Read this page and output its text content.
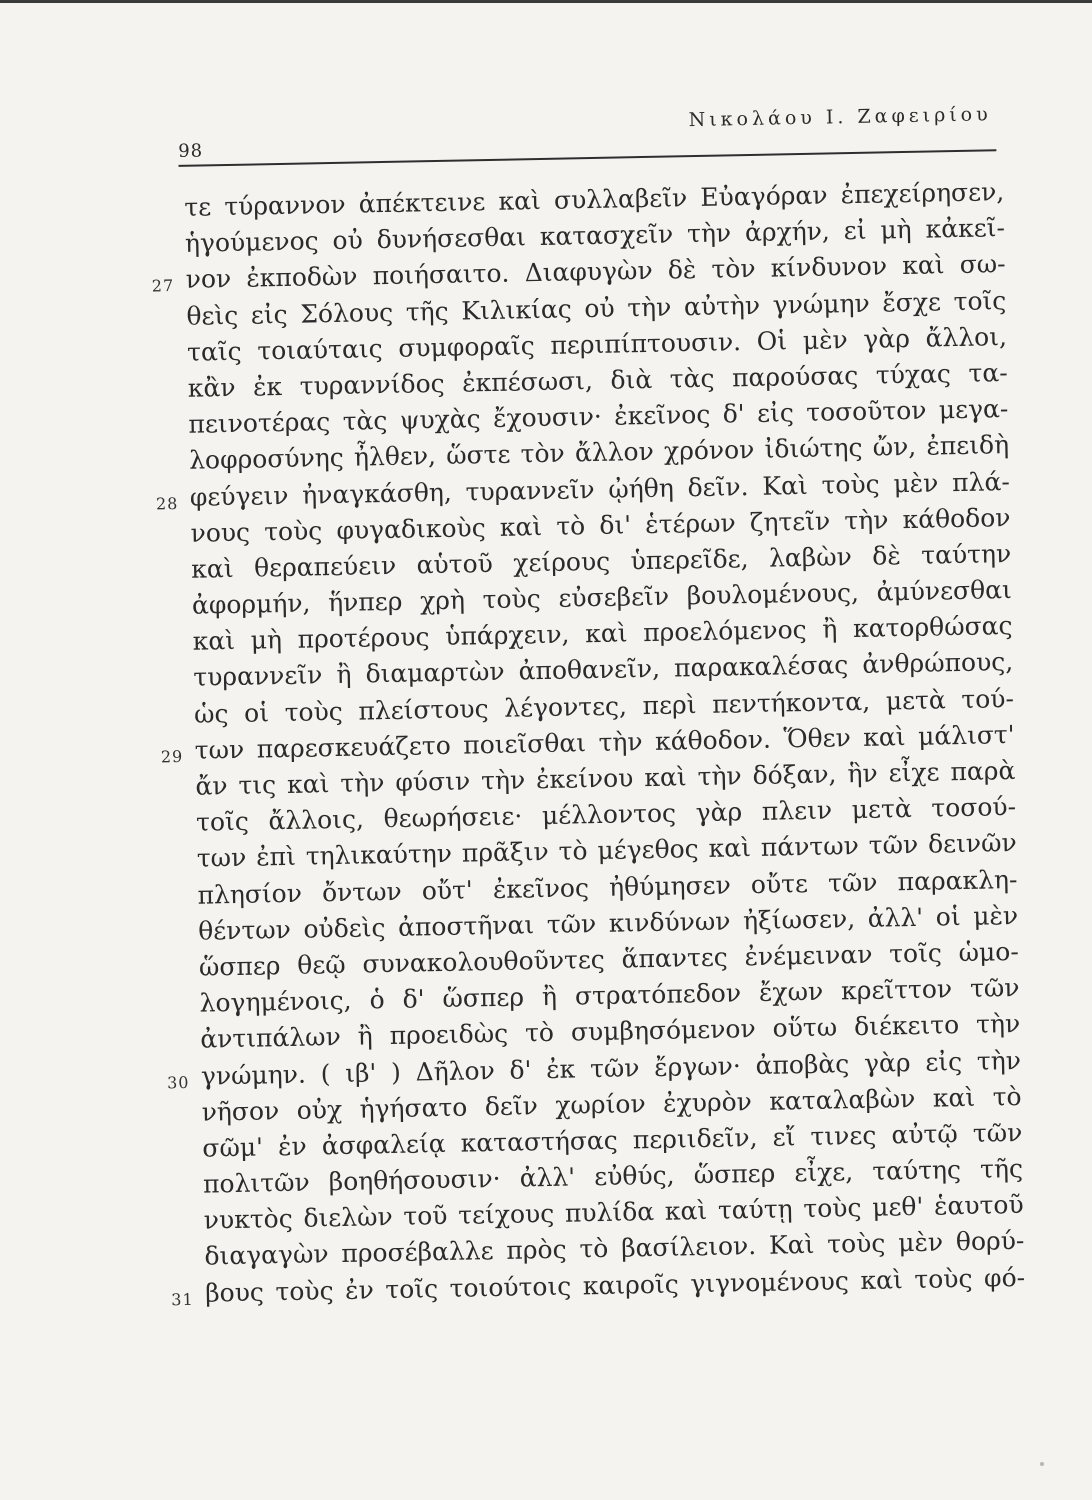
98
Νικολάου Ι. Ζαφειρίου
τε τύραννον ἀπέκτεινε καὶ συλλαβεῖν Εὐαγόραν ἐπεχείρησεν,
ἡγούμενος οὐ δυνήσεσθαι κατασχεῖν τὴν ἀρχήν, εἰ μὴ κἀκεῖ-
27 νον ἐκποδὼν ποιήσαιτο. Διαφυγὼν δὲ τὸν κίνδυνον καὶ σω-
θεὶς εἰς Σόλους τῆς Κιλικίας οὐ τὴν αὐτὴν γνώμην ἔσχε τοῖς
ταῖς τοιαύταις συμφοραῖς περιπίπτουσιν. Οἱ μὲν γὰρ ἄλλοι,
κἂν ἐκ τυραννίδος ἐκπέσωσι, διὰ τὰς παρούσας τύχας τα-
πεινοτέρας τὰς ψυχὰς ἔχουσιν· ἐκεῖνος δ' εἰς τοσοῦτον μεγα-
λοφροσύνης ἦλθεν, ὥστε τὸν ἄλλον χρόνον ἰδιώτης ὤν, ἐπειδὴ
28 φεύγειν ἠναγκάσθη, τυραννεῖν ᾠήθη δεῖν. Καὶ τοὺς μὲν πλά-
νους τοὺς φυγαδικοὺς καὶ τὸ δι' ἑτέρων ζητεῖν τὴν κάθοδον
καὶ θεραπεύειν αὑτοῦ χείρους ὑπερεῖδε, λαβὼν δὲ ταύτην
ἀφορμήν, ἥνπερ χρὴ τοὺς εὐσεβεῖν βουλομένους, ἀμύνεσθαι
καὶ μὴ προτέρους ὑπάρχειν, καὶ προελόμενος ἢ κατορθώσας
τυραννεῖν ἢ διαμαρτὼν ἀποθανεῖν, παρακαλέσας ἀνθρώπους,
ὡς οἱ τοὺς πλείστους λέγοντες, περὶ πεντήκοντα, μετὰ τού-
29 των παρεσκευάζετο ποιεῖσθαι τὴν κάθοδον. Ὅθεν καὶ μάλιστ'
ἄν τις καὶ τὴν φύσιν τὴν ἐκείνου καὶ τὴν δόξαν, ἣν εἶχε παρὰ
τοῖς ἄλλοις, θεωρήσειε· μέλλοντος γὰρ πλειν μετὰ τοσού-
των ἐπὶ τηλικαύτην πρᾶξιν τὸ μέγεθος καὶ πάντων τῶν δεινῶν
πλησίον ὄντων οὔτ' ἐκεῖνος ἠθύμησεν οὔτε τῶν παρακλη-
θέντων οὐδεὶς ἀποστῆναι τῶν κινδύνων ἠξίωσεν, ἀλλ' οἱ μὲν
ὥσπερ θεῷ συνακολουθοῦντες ἅπαντες ἐνέμειναν τοῖς ὡμο-
λογημένοις, ὁ δ' ὥσπερ ἢ στρατόπεδον ἔχων κρεῖττον τῶν
ἀντιπάλων ἢ προειδὼς τὸ συμβησόμενον οὕτω διέκειτο τὴν
30 γνώμην. ( ιβ' ) Δῆλον δ' ἐκ τῶν ἔργων· ἀποβὰς γὰρ εἰς τὴν
νῆσον οὐχ ἡγήσατο δεῖν χωρίον ἐχυρὸν καταλαβὼν καὶ τὸ
σῶμ' ἐν ἀσφαλείᾳ καταστήσας περιιδεῖν, εἴ τινες αὐτῷ τῶν
πολιτῶν βοηθήσουσιν· ἀλλ' εὐθύς, ὥσπερ εἶχε, ταύτης τῆς
νυκτὸς διελὼν τοῦ τείχους πυλίδα καὶ ταύτῃ τοὺς μεθ' ἑαυτοῦ
διαγαγὼν προσέβαλλε πρὸς τὸ βασίλειον. Καὶ τοὺς μὲν θορύ-
31 βους τοὺς ἐν τοῖς τοιούτοις καιροῖς γιγνομένους καὶ τοὺς φό-
